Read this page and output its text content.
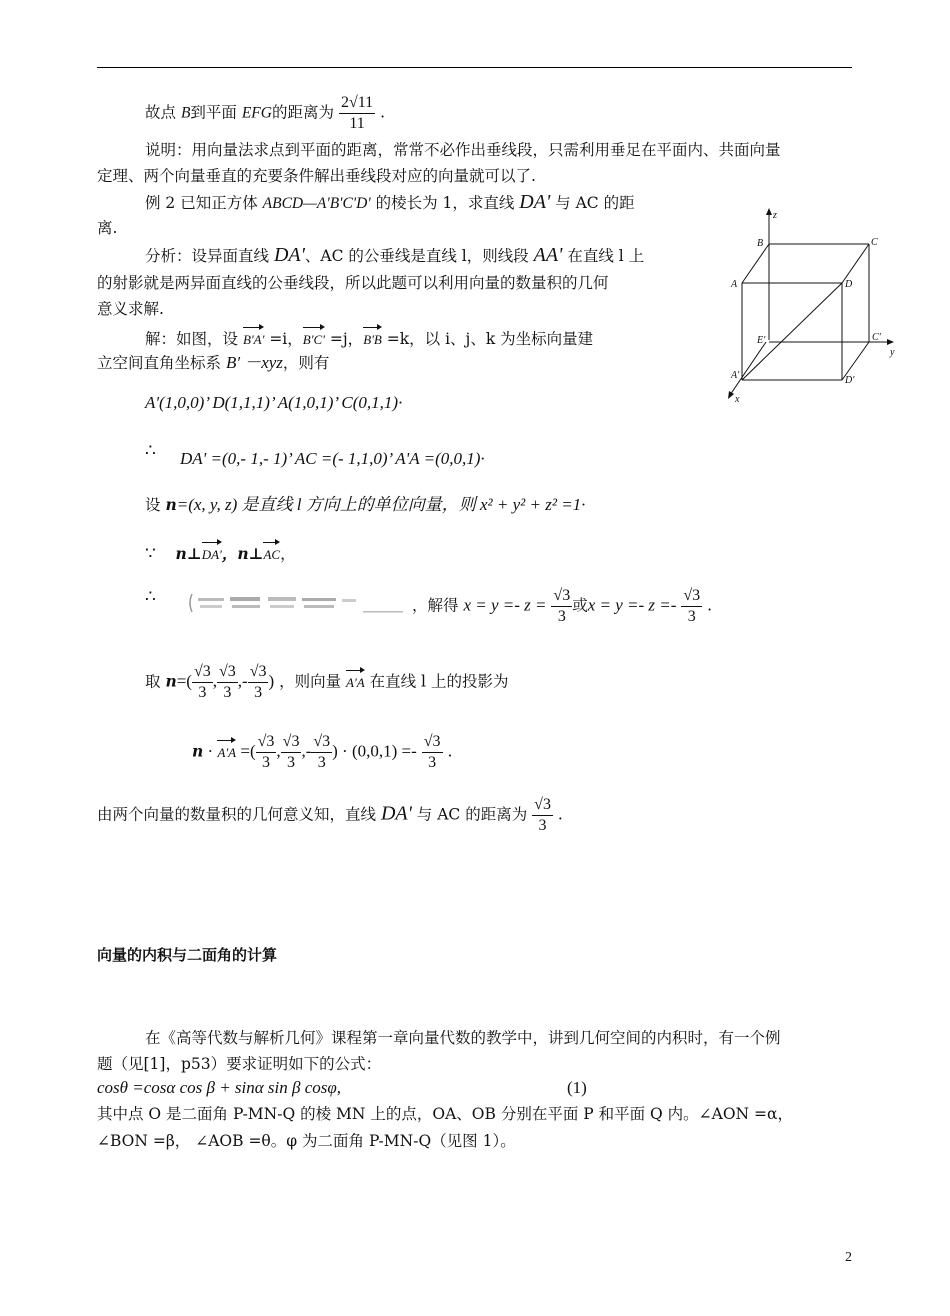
故点 B到平面 EFG的距离为 $\frac{2√11}{11}$ .
说明：用向量法求点到平面的距离，常常不必作出垂线段，只需利用垂足在平面内、共面向量
定理、两个向量垂直的充要条件解出垂线段对应的向量就可以了.
例 2 已知正方体 ABCD—A'B'C'D' 的棱长为 1，求直线 DA' 与 AC 的距
离.
分析：设异面直线 DA'、AC 的公垂线是直线 l，则线段 AA' 在直线 l 上
的射影就是两异面直线的公垂线段，所以此题可以利用向量的数量积的几何
意义求解.
解：如图，设 B'A' =i，B'C' =j，B'B =k，以 i、j、k 为坐标向量建
立空间直角坐标系 B' －xyz，则有
A'(1,0,0)’ D(1,1,1)’ A(1,0,1)’ C(0,1,1)·
∴ DA' =(0,- 1,- 1)’ AC =(- 1,1,0)’ A'A =(0,0,1)·
设 n=(x, y, z) 是直线 l 方向上的单位向量，则 x² + y² + z² =1·
∵ n⊥DA'，n⊥AC，
∴	，解得 $x = y =- z = \frac{√3}{3}$ 或$x = y =- z =- \frac{√3}{3}$ .
取 $n=( \frac{√3}{3}$ , $\frac{√3}{3}$ ,- $\frac{√3}{3}$ ) ，则向量 A'A 在直线 l 上的投影为
n · A'A =( $\frac{√3}{3}$ , $\frac{√3}{3}$ ,- $\frac{√3}{3}$ ) · $(0,0,1) =- \frac{√3}{3}$ .
由两个向量的数量积的几何意义知，直线 DA' 与 AC 的距离为 $\frac{√3}{3}$ .
z
B	C
A	D
E'	C'
y
A'	D'
x
向量的内积与二面角的计算
在《高等代数与解析几何》课程第一章向量代数的教学中，讲到几何空间的内积时，有一个例
题（见[1]，p53）要求证明如下的公式：
cosθ =cosα cos β + sinα sin β cosφ,	(1)
其中点 O 是二面角 P-MN-Q 的棱 MN 上的点，OA、OB 分别在平面 P 和平面 Q 内。∠AON =α，
∠BON =β， ∠AOB =θ。φ 为二面角 P-MN-Q（见图 1）。
2
